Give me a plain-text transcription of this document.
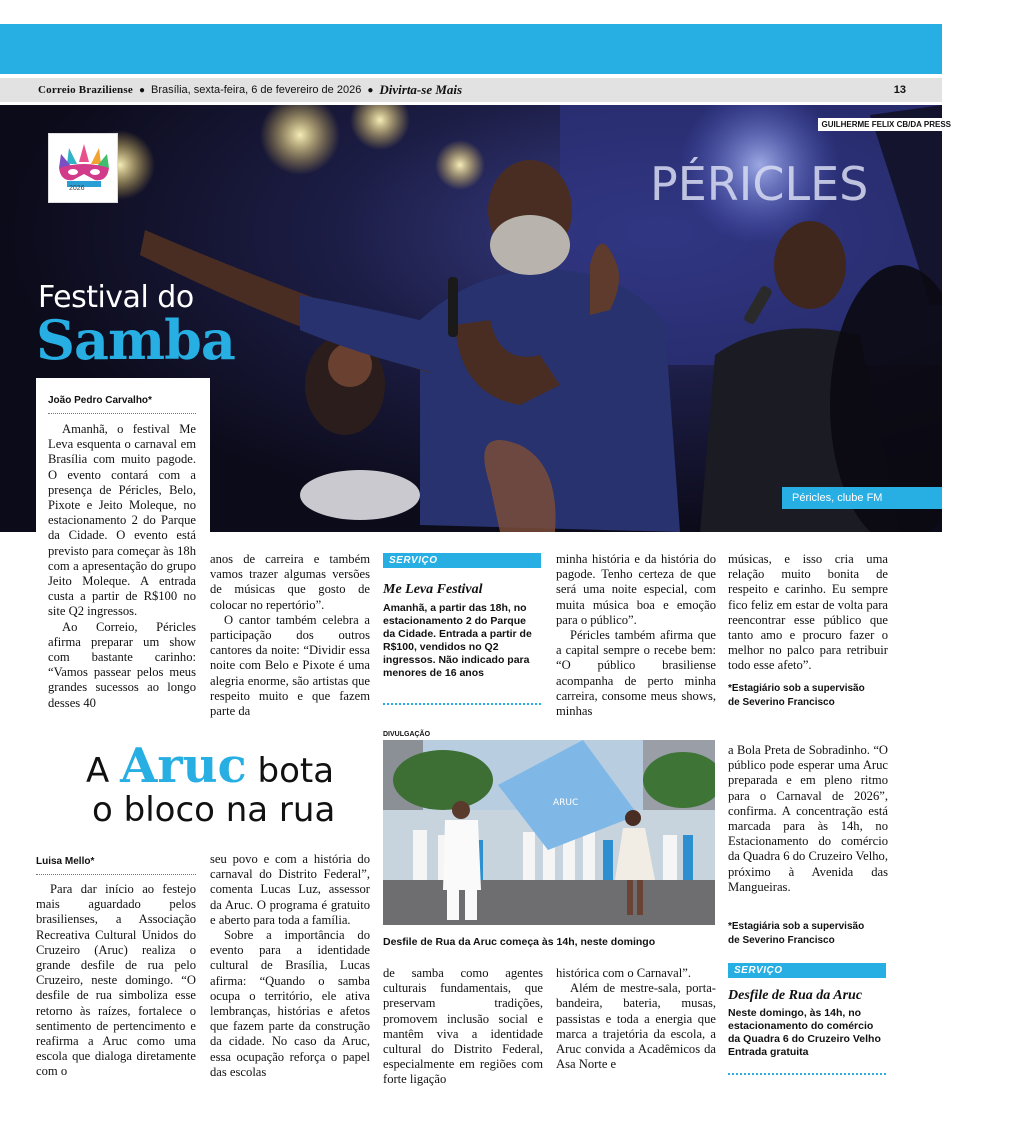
Correio Braziliense ● Brasília, sexta-feira, 6 de fevereiro de 2026 ● Divirta-se Mais	13
PÉRICLES
GUILHERME FELIX CB/DA PRESS
2026
Festival do
Samba
Péricles, clube FM
João Pedro Carvalho*

Amanhã, o festival Me Leva esquenta o carnaval em Brasília com muito pagode. O evento contará com a presença de Péricles, Belo, Pixote e Jeito Moleque, no estacionamento 2 do Parque da Cidade. O evento está previsto para começar às 18h com a apresentação do grupo Jeito Moleque. A entrada custa a partir de R$100 no site Q2 ingressos.

Ao Correio, Péricles afirma preparar um show com bastante carinho: “Vamos passear pelos meus grandes sucessos ao longo desses 40

anos de carreira e também vamos trazer algumas versões de músicas que gosto de colocar no repertório”.

O cantor também celebra a participação dos outros cantores da noite: “Dividir essa noite com Belo e Pixote é uma alegria enorme, são artistas que respeito muito e que fazem parte da

SERVIÇO
Me Leva Festival
Amanhã, a partir das 18h, no estacionamento 2 do Parque da Cidade. Entrada a partir de R$100, vendidos no Q2 ingressos. Não indicado para menores de 16 anos

minha história e da história do pagode. Tenho certeza de que será uma noite especial, com muita música boa e emoção para o público”.

Péricles também afirma que a capital sempre o recebe bem: “O público brasiliense acompanha de perto minha carreira, consome meus shows, minhas

músicas, e isso cria uma relação muito bonita de respeito e carinho. Eu sempre fico feliz em estar de volta para reencontrar esse público que tanto amo e procuro fazer o melhor no palco para retribuir todo esse afeto”.

*Estagiário sob a supervisão
de Severino Francisco
A Aruc bota
o bloco na rua
Luisa Mello*

Para dar início ao festejo mais aguardado pelos brasilienses, a Associação Recreativa Cultural Unidos do Cruzeiro (Aruc) realiza o grande desfile de rua pelo Cruzeiro, neste domingo. “O desfile de rua simboliza esse retorno às raízes, fortalece o sentimento de pertencimento e reafirma a Aruc como uma escola que dialoga diretamente com o

seu povo e com a história do carnaval do Distrito Federal”, comenta Lucas Luz, assessor da Aruc. O programa é gratuito e aberto para toda a família.

Sobre a importância do evento para a identidade cultural de Brasília, Lucas afirma: “Quando o samba ocupa o território, ele ativa lembranças, histórias e afetos que fazem parte da construção da cidade. No caso da Aruc, essa ocupação reforça o papel das escolas

DIVULGAÇÃO
ARUC
Desfile de Rua da Aruc começa às 14h, neste domingo

de samba como agentes culturais fundamentais, que preservam tradições, promovem inclusão social e mantêm viva a identidade cultural do Distrito Federal, especialmente em regiões com forte ligação

histórica com o Carnaval”.

Além de mestre-sala, porta-bandeira, bateria, musas, passistas e toda a energia que marca a trajetória da escola, a Aruc convida a Acadêmicos da Asa Norte e

a Bola Preta de Sobradinho. “O público pode esperar uma Aruc preparada e em pleno ritmo para o Carnaval de 2026”, confirma. A concentração está marcada para às 14h, no Estacionamento do comércio da Quadra 6 do Cruzeiro Velho, próximo à Avenida das Mangueiras.

*Estagiária sob a supervisão
de Severino Francisco
SERVIÇO
Desfile de Rua da Aruc
Neste domingo, às 14h, no estacionamento do comércio da Quadra 6 do Cruzeiro Velho Entrada gratuita
